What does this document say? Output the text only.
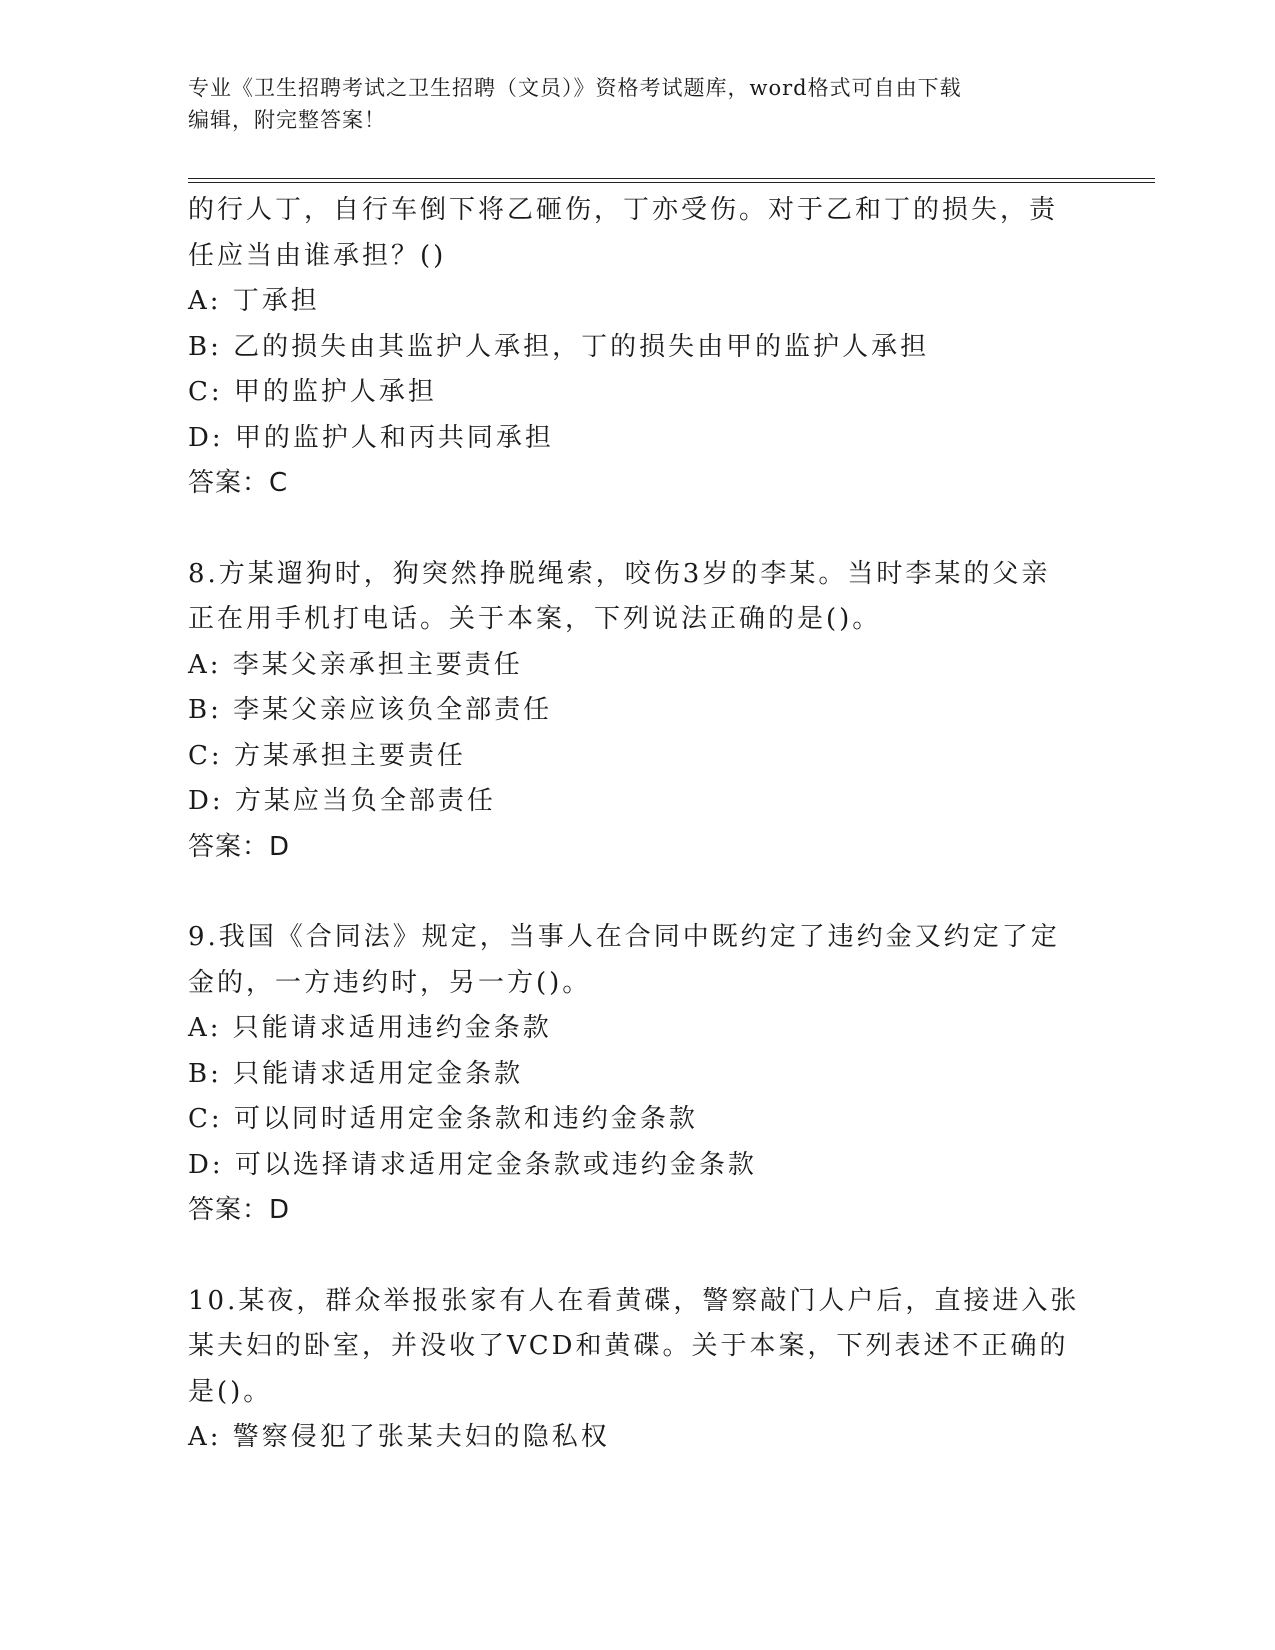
专业《卫生招聘考试之卫生招聘（文员）》资格考试题库，word格式可自由下载
编辑，附完整答案！
的行人丁，自行车倒下将乙砸伤，丁亦受伤。对于乙和丁的损失，责
任应当由谁承担？()
A: 丁承担
B: 乙的损失由其监护人承担，丁的损失由甲的监护人承担
C: 甲的监护人承担
D: 甲的监护人和丙共同承担
答案：C
8.方某遛狗时，狗突然挣脱绳索，咬伤3岁的李某。当时李某的父亲
正在用手机打电话。关于本案，下列说法正确的是()。
A: 李某父亲承担主要责任
B: 李某父亲应该负全部责任
C: 方某承担主要责任
D: 方某应当负全部责任
答案：D
9.我国《合同法》规定，当事人在合同中既约定了违约金又约定了定
金的，一方违约时，另一方()。
A: 只能请求适用违约金条款
B: 只能请求适用定金条款
C: 可以同时适用定金条款和违约金条款
D: 可以选择请求适用定金条款或违约金条款
答案：D
10.某夜，群众举报张家有人在看黄碟，警察敲门人户后，直接进入张
某夫妇的卧室，并没收了VCD和黄碟。关于本案，下列表述不正确的
是()。
A: 警察侵犯了张某夫妇的隐私权
